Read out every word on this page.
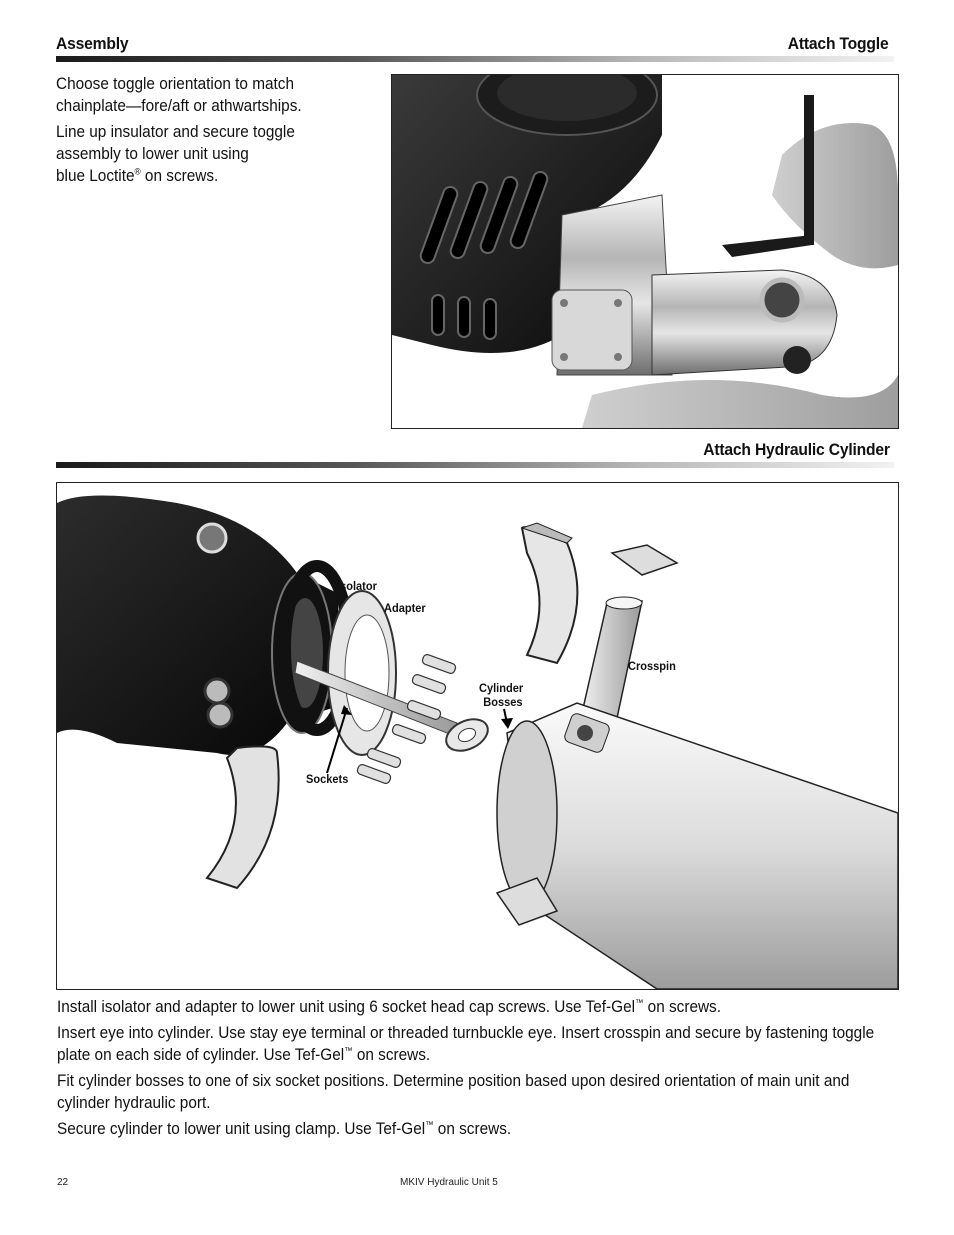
Assembly	Attach Toggle

Choose toggle orientation to match chainplate—fore/aft or athwartships.

Line up insulator and secure toggle
assembly to lower unit using
blue Loctite® on screws.

Attach Hydraulic Cylinder
Isolator
Adapter
Crosspin
Cylinder
Bosses
Sockets

Install isolator and adapter to lower unit using 6 socket head cap screws. Use Tef-Gel™ on screws.

Insert eye into cylinder. Use stay eye terminal or threaded turnbuckle eye. Insert crosspin and secure by fastening toggle plate on each side of cylinder. Use Tef-Gel™ on screws.

Fit cylinder bosses to one of six socket positions. Determine position based upon desired orientation of main unit and cylinder hydraulic port.

Secure cylinder to lower unit using clamp. Use Tef-Gel™ on screws.

22	MKIV Hydraulic Unit 5
